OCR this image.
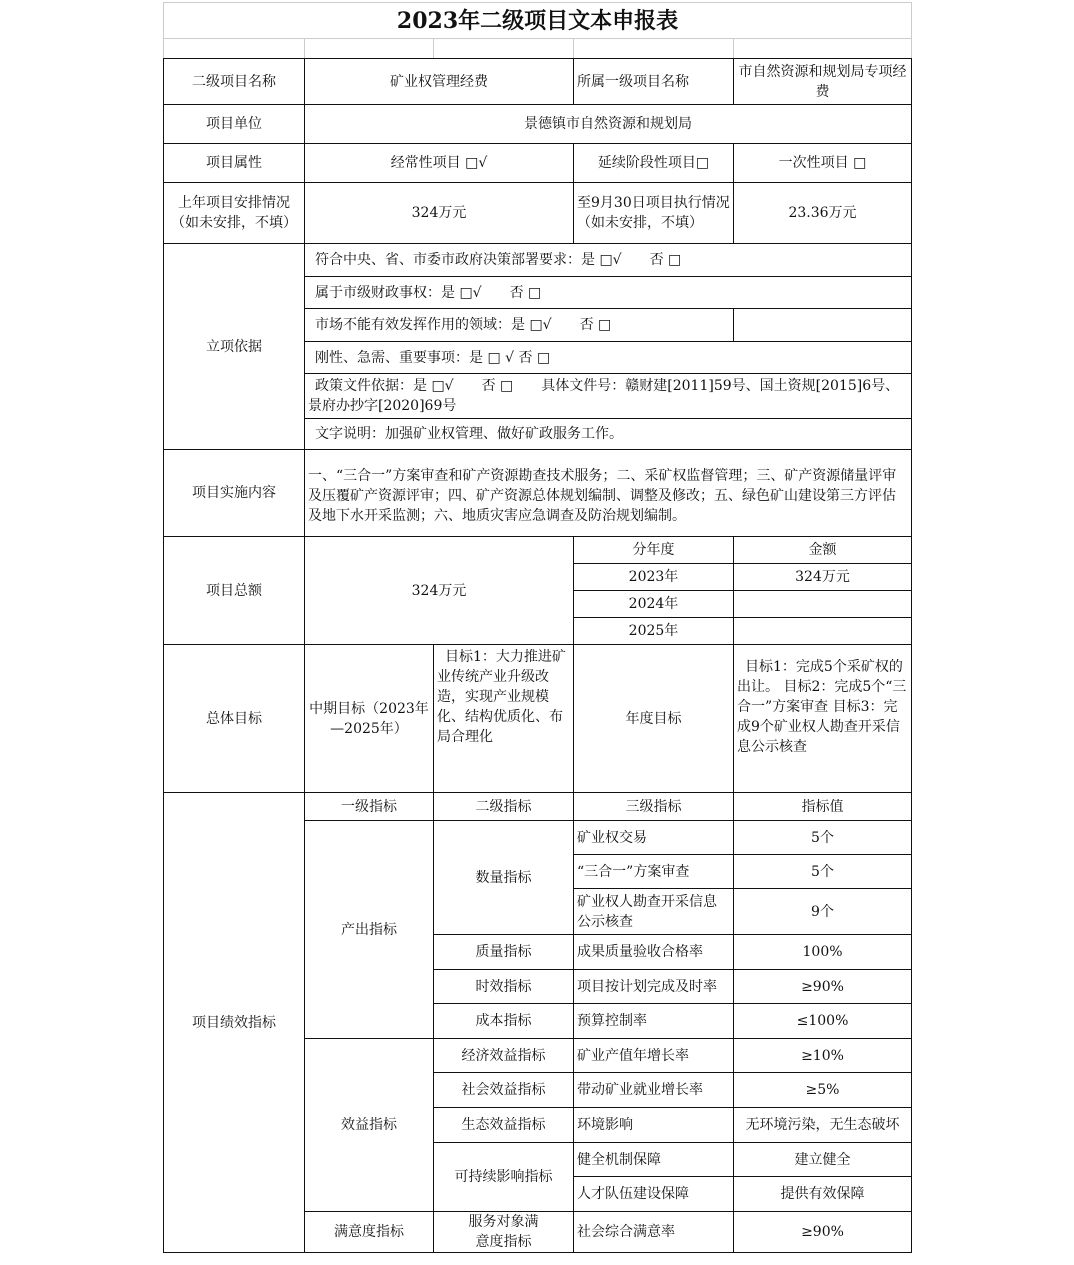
2023年二级项目文本申报表				

二级项目名称	矿业权管理经费		所属一级项目名称	市自然资源和规划局专项经费
项目单位	景德镇市自然资源和规划局			
项目属性	经常性项目 □√		延续阶段性项目□	一次性项目 □
上年项目安排情况（如未安排，不填）	324万元		至9月30日项目执行情况（如未安排，不填）	23.36万元
立项依据	符合中央、省、市委市政府决策部署要求：是 □√　　否 □			
	属于市级财政事权：是 □√　　否 □			
	市场不能有效发挥作用的领域：是 □√　　否 □			
	刚性、急需、重要事项：是 □ √ 否 □			
	政策文件依据：是 □√　　否 □　　具体文件号：赣财建[2011]59号、国土资规[2015]6号、景府办抄字[2020]69号			
	文字说明：加强矿业权管理、做好矿政服务工作。			
项目实施内容	一、“三合一”方案审查和矿产资源勘查技术服务；二、采矿权监督管理；三、矿产资源储量评审及压覆矿产资源评审；四、矿产资源总体规划编制、调整及修改；五、绿色矿山建设第三方评估及地下水开采监测；六、地质灾害应急调查及防治规划编制。			
项目总额	324万元		分年度	金额
			2023年	324万元
			2024年	
			2025年	
总体目标	中期目标（2023年—2025年）	目标1：大力推进矿业传统产业升级改造，实现产业规模化、结构优质化、布局合理化	年度目标	目标1：完成5个采矿权的出让。 目标2：完成5个“三合一”方案审查 目标3：完成9个矿业权人勘查开采信息公示核查
项目绩效指标	一级指标	二级指标	三级指标	指标值
	产出指标	数量指标	矿业权交易	5个
			“三合一”方案审查	5个
			矿业权人勘查开采信息公示核查	9个
		质量指标	成果质量验收合格率	100%
		时效指标	项目按计划完成及时率	≥90%
		成本指标	预算控制率	≤100%
	效益指标	经济效益指标	矿业产值年增长率	≥10%
		社会效益指标	带动矿业就业增长率	≥5%
		生态效益指标	环境影响	无环境污染，无生态破坏
		可持续影响指标	健全机制保障	建立健全
			人才队伍建设保障	提供有效保障
	满意度指标	服务对象满意度指标	社会综合满意率	≥90%
